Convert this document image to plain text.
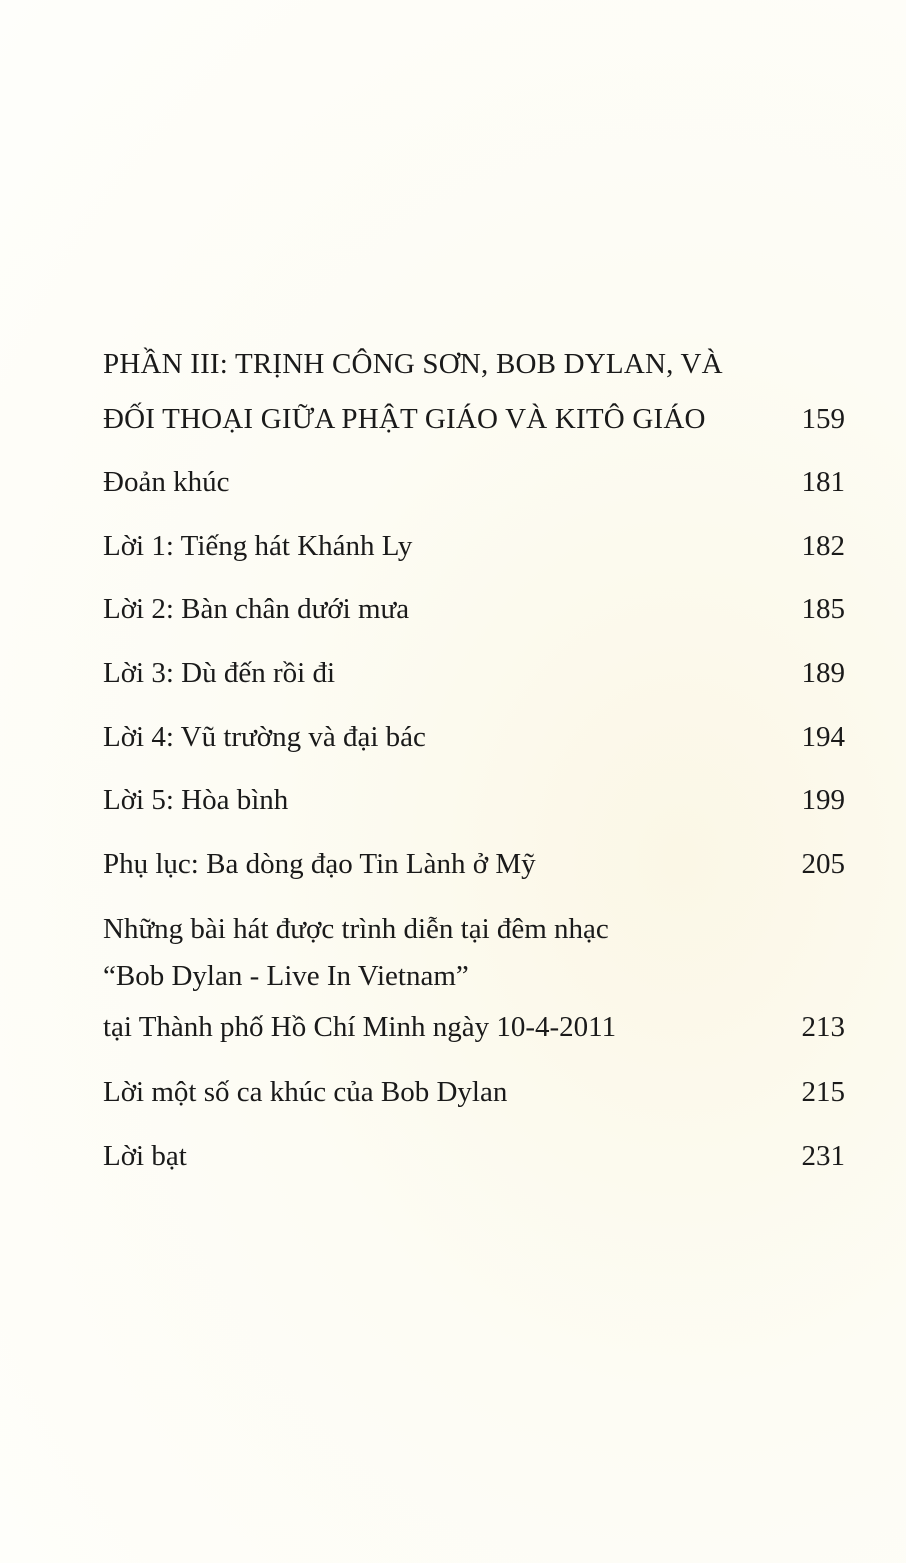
PHẦN III: TRỊNH CÔNG SƠN, BOB DYLAN, VÀ
ĐỐI THOẠI GIỮA PHẬT GIÁO VÀ KITÔ GIÁO	159
Đoản khúc	181
Lời 1: Tiếng hát Khánh Ly	182
Lời 2: Bàn chân dưới mưa	185
Lời 3: Dù đến rồi đi	189
Lời 4: Vũ trường và đại bác	194
Lời 5: Hòa bình	199
Phụ lục: Ba dòng đạo Tin Lành ở Mỹ	205
Những bài hát được trình diễn tại đêm nhạc
“Bob Dylan - Live In Vietnam”
tại Thành phố Hồ Chí Minh ngày 10-4-2011	213
Lời một số ca khúc của Bob Dylan	215
Lời bạt	231
